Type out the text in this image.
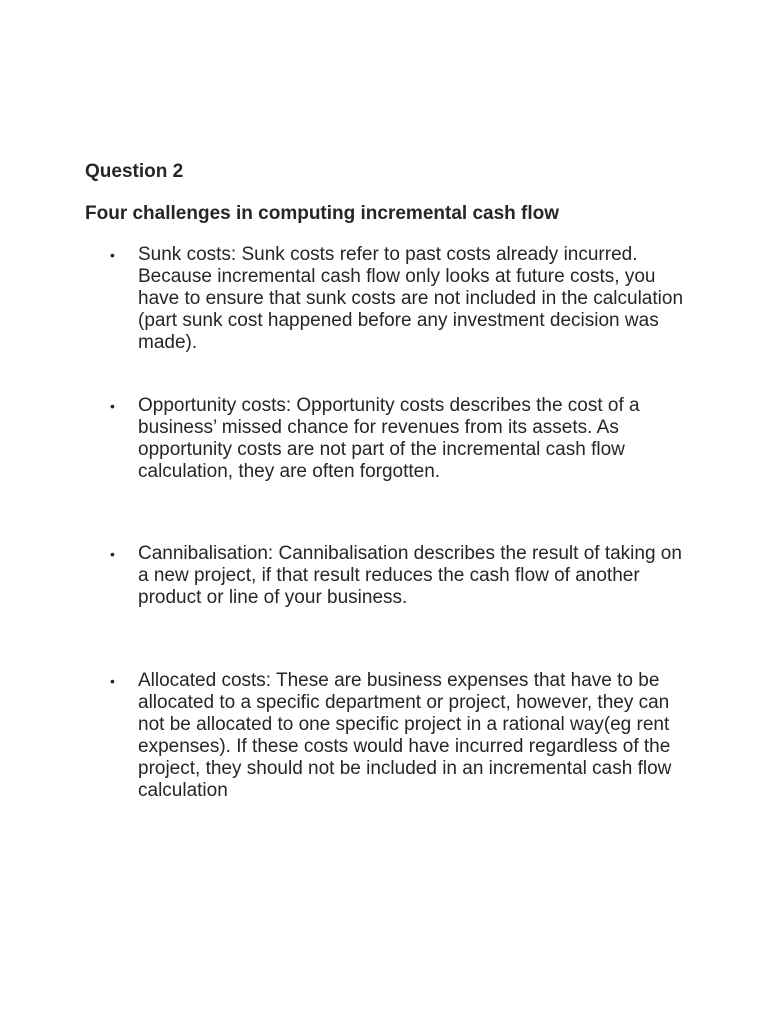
Question 2
Four challenges in computing incremental cash flow
•	Sunk costs: Sunk costs refer to past costs already incurred. Because incremental cash flow only looks at future costs, you have to ensure that sunk costs are not included in the calculation (part sunk cost happened before any investment decision was made).
•	Opportunity costs: Opportunity costs describes the cost of a business’ missed chance for revenues from its assets. As opportunity costs are not part of the incremental cash flow calculation, they are often forgotten.
•	Cannibalisation: Cannibalisation describes the result of taking on a new project, if that result reduces the cash flow of another product or line of your business.
•	Allocated costs: These are business expenses that have to be allocated to a specific department or project, however, they can not be allocated to one specific project in a rational way(eg rent expenses). If these costs would have incurred regardless of the project, they should not be included in an incremental cash flow calculation
